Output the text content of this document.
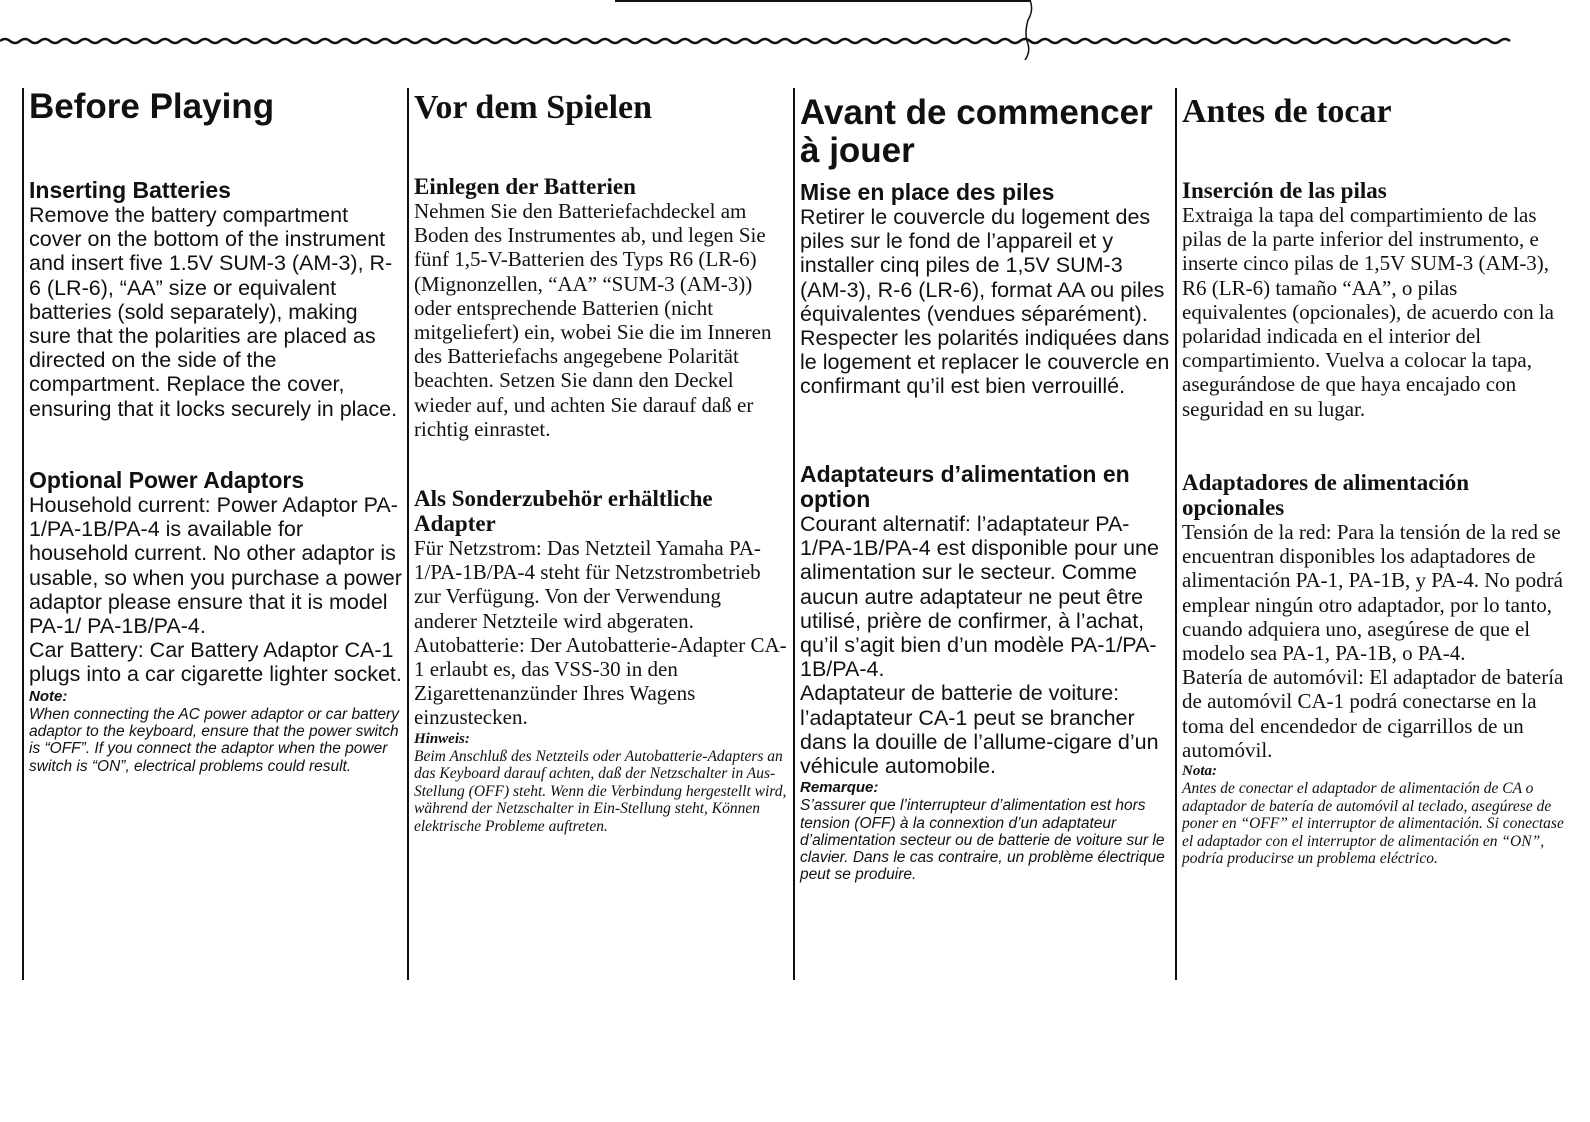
Before Playing
Inserting Batteries

Remove the battery compartment cover on the bottom of the instrument and insert five 1.5V SUM-3 (AM-3), R-6 (LR-6), “AA” size or equivalent batteries (sold separately), making sure that the polarities are placed as directed on the side of the compartment. Replace the cover, ensuring that it locks securely in place.

Optional Power Adaptors

Household current: Power Adaptor PA-1/PA-1B/PA-4 is available for household current. No other adaptor is usable, so when you purchase a power adaptor please ensure that it is model PA-1/ PA-1B/PA-4.

Car Battery: Car Battery Adaptor CA-1 plugs into a car cigarette lighter socket.

Note:

When connecting the AC power adaptor or car battery adaptor to the keyboard, ensure that the power switch is “OFF”. If you connect the adaptor when the power switch is “ON”, electrical problems could result.

Vor dem Spielen
Einlegen der Batterien

Nehmen Sie den Batteriefachdeckel am Boden des Instrumentes ab, und legen Sie fünf 1,5-V-Batterien des Typs R6 (LR-6) (Mignonzellen, “AA” “SUM-3 (AM-3)) oder entsprechende Batterien (nicht mitgeliefert) ein, wobei Sie die im Inneren des Batteriefachs angegebene Polarität beachten. Setzen Sie dann den Deckel wieder auf, und achten Sie darauf daß er richtig einrastet.

Als Sonderzubehör erhältliche Adapter

Für Netzstrom: Das Netzteil Yamaha PA-1/PA-1B/PA-4 steht für Netzstrombetrieb zur Verfügung. Von der Verwendung anderer Netzteile wird abgeraten.

Autobatterie: Der Autobatterie-Adapter CA-1 erlaubt es, das VSS-30 in den Zigarettenanzünder Ihres Wagens einzustecken.

Hinweis:

Beim Anschluß des Netzteils oder Autobatterie-Adapters an das Keyboard darauf achten, daß der Netzschalter in Aus-Stellung (OFF) steht. Wenn die Verbindung hergestellt wird, während der Netzschalter in Ein-Stellung steht, Können elektrische Probleme auftreten.

Avant de commencer à jouer
Mise en place des piles

Retirer le couvercle du logement des piles sur le fond de l’appareil et y installer cinq piles de 1,5V SUM-3 (AM-3), R-6 (LR-6), format AA ou piles équivalentes (vendues séparément). Respecter les polarités indiquées dans le logement et replacer le couvercle en confirmant qu’il est bien verrouillé.

Adaptateurs d’alimentation en option

Courant alternatif: l’adaptateur PA-1/PA-1B/PA-4 est disponible pour une alimentation sur le secteur. Comme aucun autre adaptateur ne peut être utilisé, prière de confirmer, à l’achat, qu’il s’agit bien d’un modèle PA-1/PA-1B/PA-4.

Adaptateur de batterie de voiture: l’adaptateur CA-1 peut se brancher dans la douille de l’allume-cigare d’un véhicule automobile.

Remarque:

S’assurer que l’interrupteur d’alimentation est hors tension (OFF) à la connextion d’un adaptateur d’alimentation secteur ou de batterie de voiture sur le clavier. Dans le cas contraire, un problème électrique peut se produire.

Antes de tocar
Inserción de las pilas

Extraiga la tapa del compartimiento de las pilas de la parte inferior del instrumento, e inserte cinco pilas de 1,5V SUM-3 (AM-3), R6 (LR-6) tamaño “AA”, o pilas equivalentes (opcionales), de acuerdo con la polaridad indicada en el interior del compartimiento. Vuelva a colocar la tapa, asegurándose de que haya encajado con seguridad en su lugar.

Adaptadores de alimentación opcionales

Tensión de la red: Para la tensión de la red se encuentran disponibles los adaptadores de alimentación PA-1, PA-1B, y PA-4. No podrá emplear ningún otro adaptador, por lo tanto, cuando adquiera uno, asegúrese de que el modelo sea PA-1, PA-1B, o PA-4.

Batería de automóvil: El adaptador de batería de automóvil CA-1 podrá conectarse en la toma del encendedor de cigarrillos de un automóvil.

Nota:

Antes de conectar el adaptador de alimentación de CA o adaptador de batería de automóvil al teclado, asegúrese de poner en “OFF” el interruptor de alimentación. Si conectase el adaptador con el interruptor de alimentación en “ON”, podría producirse un problema eléctrico.
